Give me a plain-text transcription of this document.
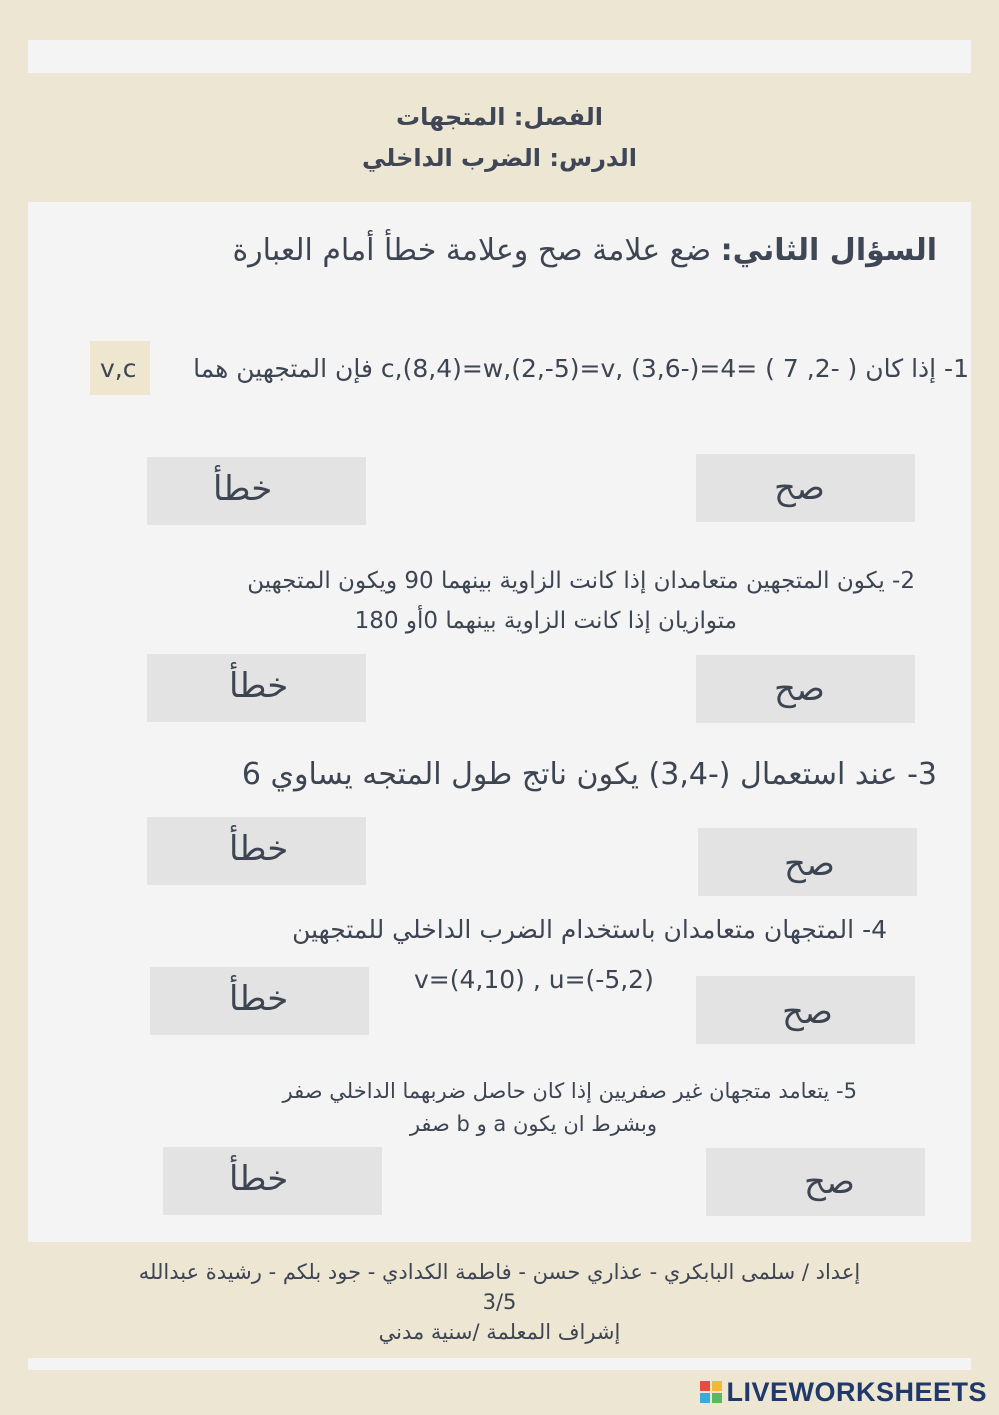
الفصل: المتجهات
الدرس: الضرب الداخلي
السؤال الثاني: ضع علامة صح وعلامة خطأ أمام العبارة
1- إذا كان ( -2, 7 ) =c,(8,4)=w,(2,-5)=v, (3,6-)=4 فإن المتجهين هما
v,c
صح
خطأ
2- يكون المتجهين متعامدان إذا كانت الزاوية بينهما 90 ويكون المتجهين
متوازيان إذا كانت الزاوية بينهما 0أو 180
صح
خطأ
3- عند استعمال (-3,4) يكون ناتج طول المتجه يساوي 6
صح
خطأ
4- المتجهان متعامدان باستخدام الضرب الداخلي للمتجهين
v=(4,10) , u=(-5,2)
صح
خطأ
5- يتعامد متجهان غير صفريين إذا كان حاصل ضربهما الداخلي صفر
وبشرط ان يكون a و b صفر
صح
خطأ
إعداد / سلمى البابكري - عذاري حسن - فاطمة الكدادي - جود بلكم - رشيدة عبدالله
3/5
إشراف المعلمة /سنية مدني
LIVEWORKSHEETS
